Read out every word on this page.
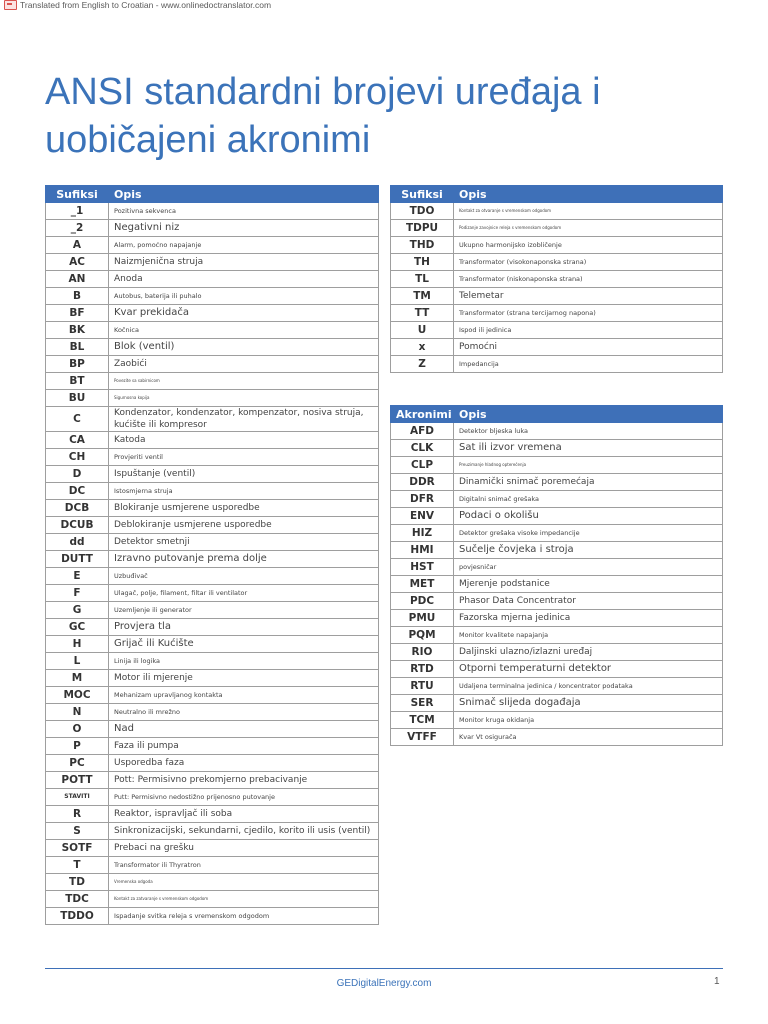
Translated from English to Croatian - www.onlinedoctranslator.com
ANSI standardni brojevi uređaja i
uobičajeni akronimi
Sufiksi	Opis
_1	Pozitivna sekvenca
_2	Negativni niz
A	Alarm, pomoćno napajanje
AC	Naizmjenična struja
AN	Anoda
B	Autobus, baterija ili puhalo
BF	Kvar prekidača
BK	Kočnica
BL	Blok (ventil)
BP	Zaobići
BT	Povezite sa sabirnicom
BU	Sigurnosna kopija
C	Kondenzator, kondenzator, kompenzator, nosiva struja, kućište ili kompresor
CA	Katoda
CH	Provjeriti ventil
D	Ispuštanje (ventil)
DC	Istosmjerna struja
DCB	Blokiranje usmjerene usporedbe
DCUB	Deblokiranje usmjerene usporedbe
dd	Detektor smetnji
DUTT	Izravno putovanje prema dolje
E	Uzbuđivač
F	Ulagač, polje, filament, filtar ili ventilator
G	Uzemljenje ili generator
GC	Provjera tla
H	Grijač ili Kućište
L	Linija ili logika
M	Motor ili mjerenje
MOC	Mehanizam upravljanog kontakta
N	Neutralno ili mrežno
O	Nad
P	Faza ili pumpa
PC	Usporedba faza
POTT	Pott: Permisivno prekomjerno prebacivanje
STAVITI	Putt: Permisivno nedostižno prijenosno putovanje
R	Reaktor, ispravljač ili soba
S	Sinkronizacijski, sekundarni, cjedilo, korito ili usis (ventil)
SOTF	Prebaci na grešku
T	Transformator ili Thyratron
TD	Vremenska odgoda
TDC	Kontakt za zatvaranje s vremenskom odgodom
TDDO	Ispadanje svitka releja s vremenskom odgodom
Sufiksi	Opis
TDO	Kontakt za otvaranje s vremenskom odgodom
TDPU	Podizanje zavojnice releja s vremenskom odgodom
THD	Ukupno harmonijsko izobličenje
TH	Transformator (visokonaponska strana)
TL	Transformator (niskonaponska strana)
TM	Telemetar
TT	Transformator (strana tercijarnog napona)
U	Ispod ili jedinica
x	Pomoćni
Z	Impedancija
Akronimi	Opis
AFD	Detektor bljeska luka
CLK	Sat ili izvor vremena
CLP	Preuzimanje hladnog opterećenja
DDR	Dinamički snimač poremećaja
DFR	Digitalni snimač grešaka
ENV	Podaci o okolišu
HIZ	Detektor grešaka visoke impedancije
HMI	Sučelje čovjeka i stroja
HST	povjesničar
MET	Mjerenje podstanice
PDC	Phasor Data Concentrator
PMU	Fazorska mjerna jedinica
PQM	Monitor kvalitete napajanja
RIO	Daljinski ulazno/izlazni uređaj
RTD	Otporni temperaturni detektor
RTU	Udaljena terminalna jedinica / koncentrator podataka
SER	Snimač slijeda događaja
TCM	Monitor kruga okidanja
VTFF	Kvar Vt osigurača
GEDigitalEnergy.com	1
